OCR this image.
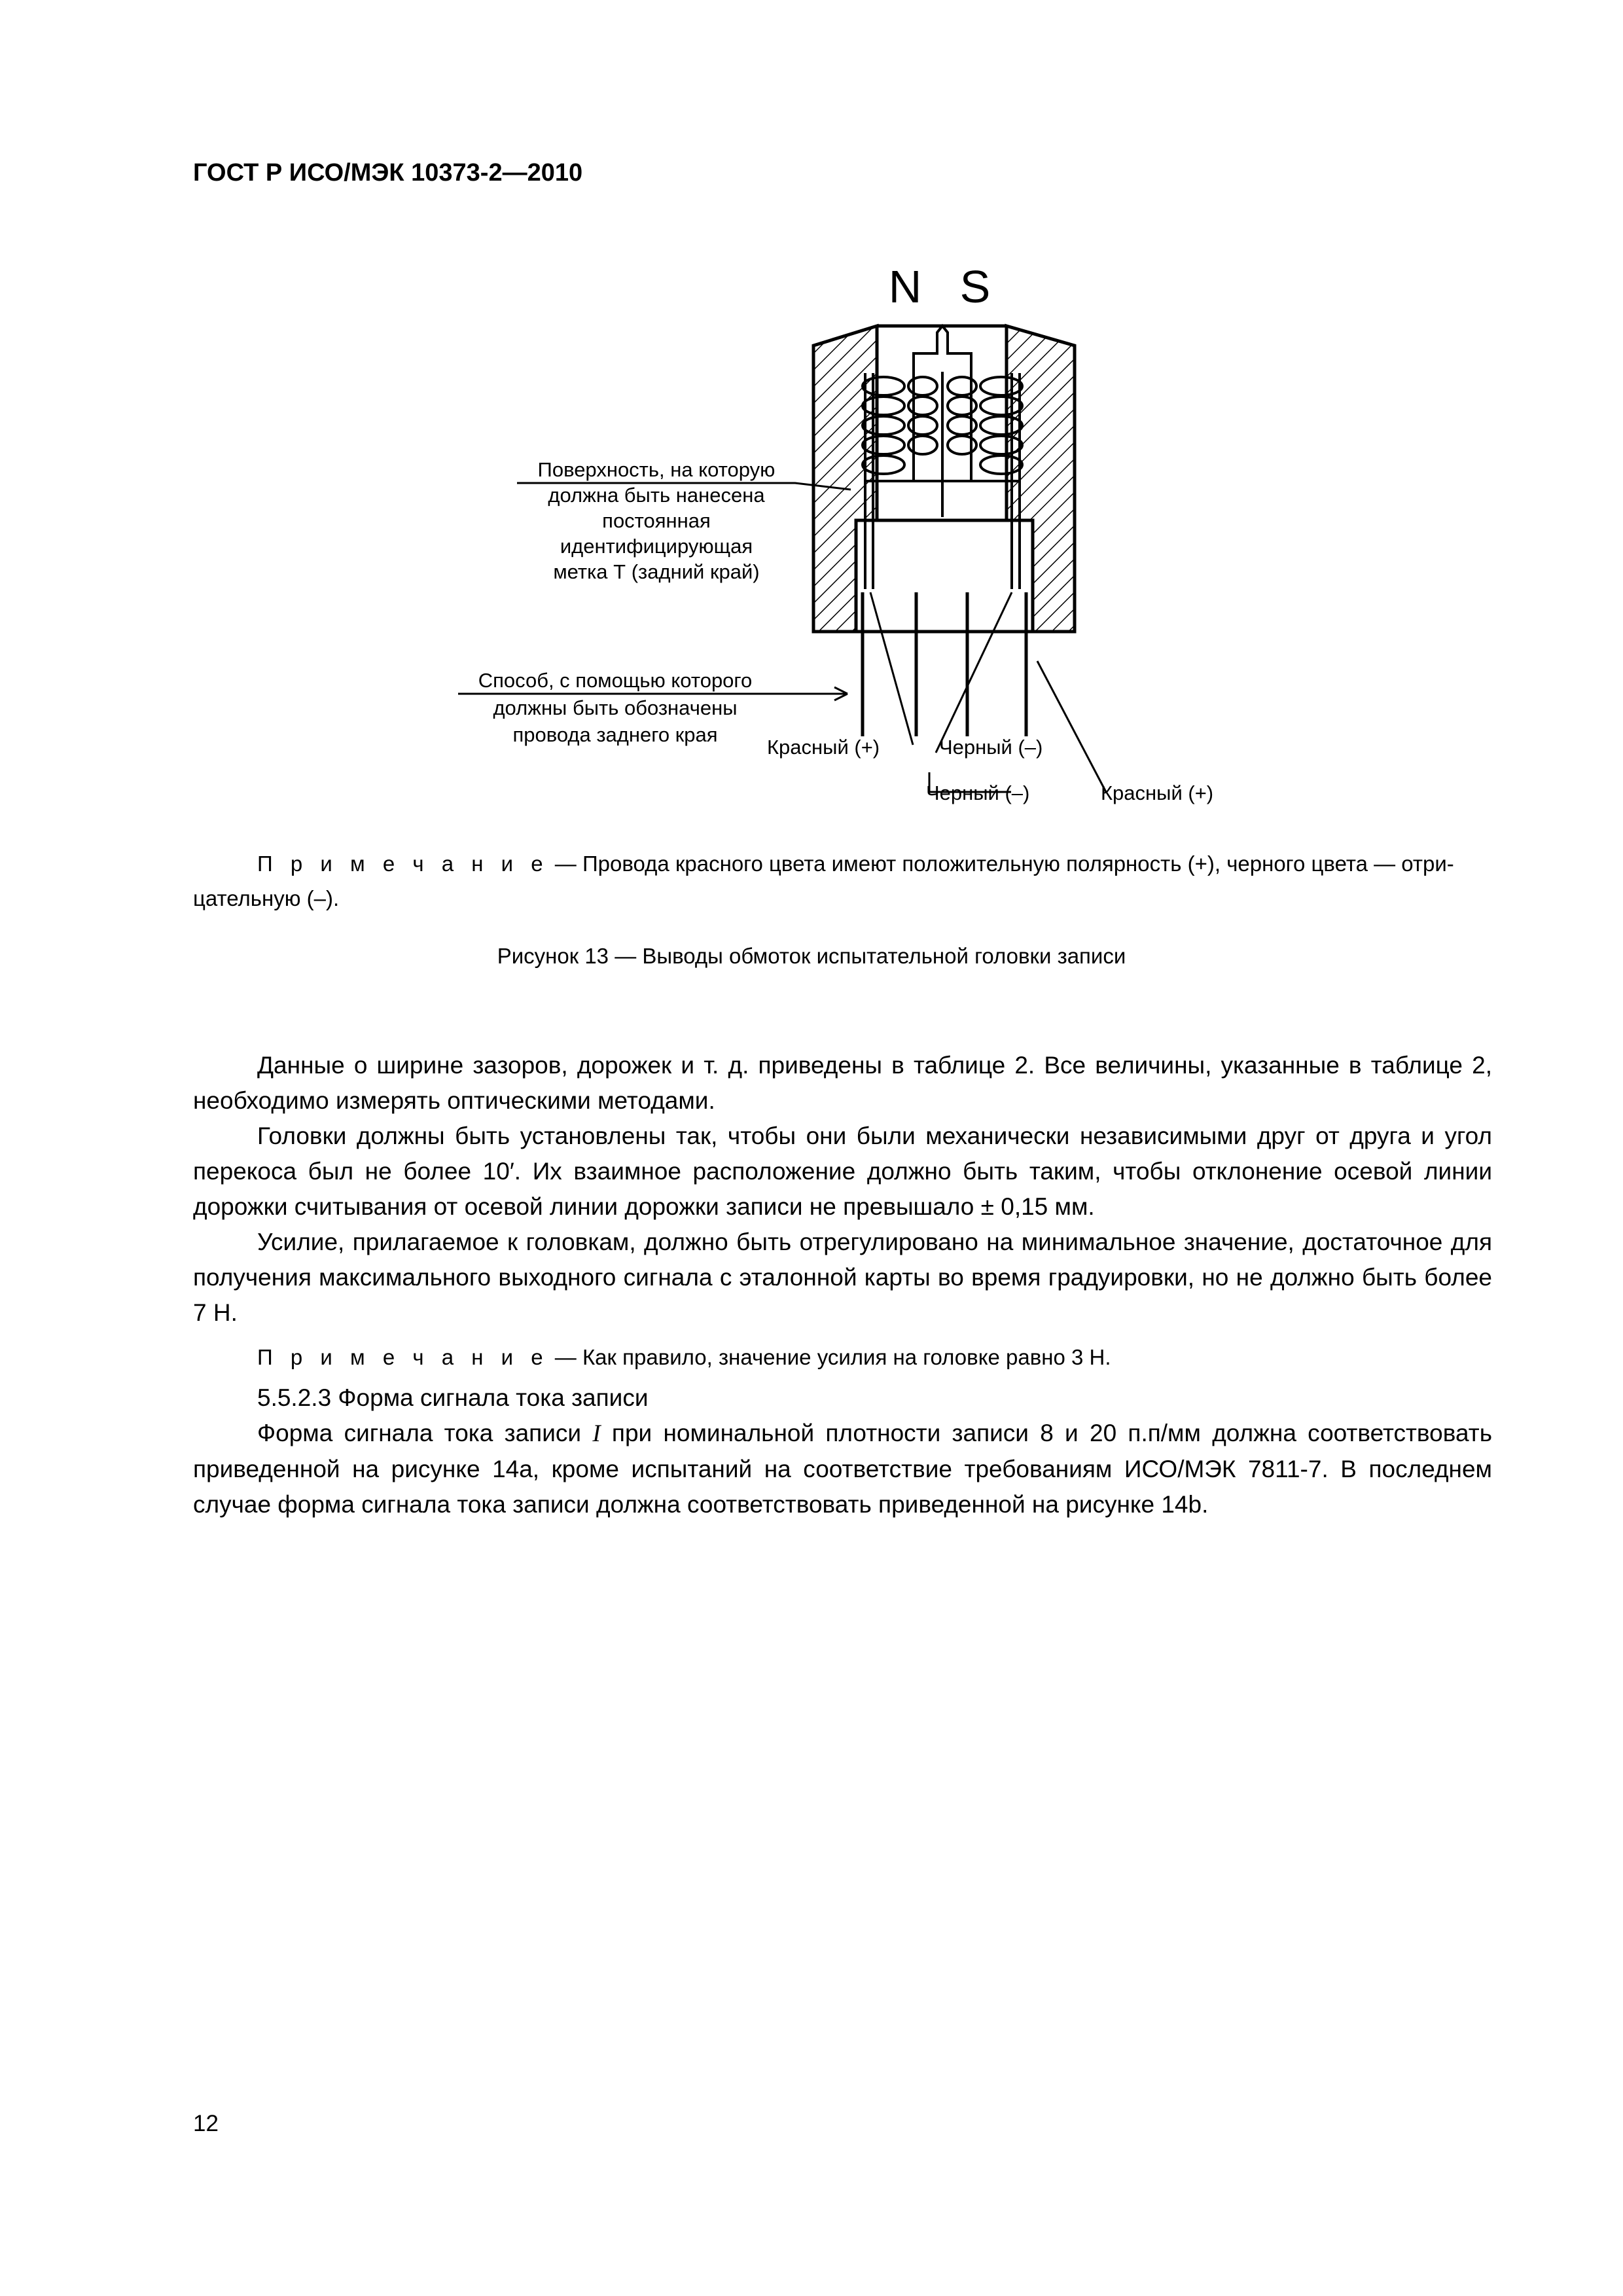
ГОСТ Р ИСО/МЭК 10373-2—2010
N S
Поверхность, на которую
должна быть нанесена
постоянная
идентифицирующая
метка Т (задний край)
Способ, с помощью которого
должны быть обозначены
провода заднего края
Красный (+)	Черный (–)
Черный (–)	Красный (+)
П р и м е ч а н и е — Провода красного цвета имеют положительную полярность (+), черного цвета — отри-
цательную (–).
Рисунок 13 — Выводы обмоток испытательной головки записи

Данные о ширине зазоров, дорожек и т. д. приведены в таблице 2. Все величины, указанные в таблице 2, необходимо измерять оптическими методами.

Головки должны быть установлены так, чтобы они были механически независимыми друг от друга и угол перекоса был не более 10′. Их взаимное расположение должно быть таким, чтобы отклонение осевой линии дорожки считывания от осевой линии дорожки записи не превышало ± 0,15 мм.

Усилие, прилагаемое к головкам, должно быть отрегулировано на минимальное значение, достаточное для получения максимального выходного сигнала с эталонной карты во время градуировки, но не должно быть более 7 Н.

П р и м е ч а н и е — Как правило, значение усилия на головке равно 3 Н.

5.5.2.3 Форма сигнала тока записи

Форма сигнала тока записи I при номинальной плотности записи 8 и 20 п.п/мм должна соответствовать приведенной на рисунке 14а, кроме испытаний на соответствие требованиям ИСО/МЭК 7811-7. В последнем случае форма сигнала тока записи должна соответствовать приведенной на рисунке 14b.

12
